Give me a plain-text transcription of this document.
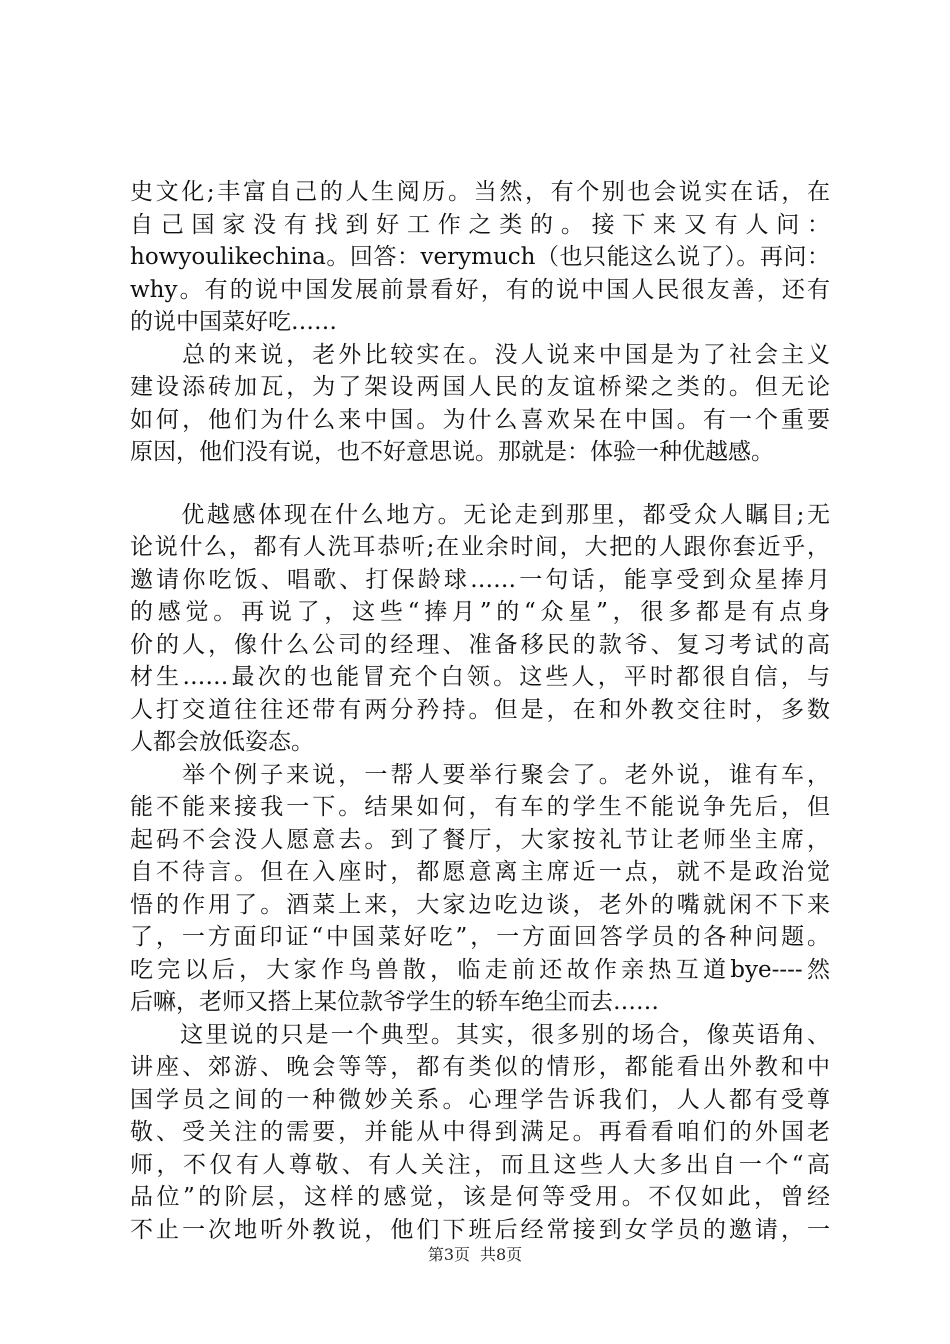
史文化;丰富自己的人生阅历。当然，有个别也会说实在话，在
自 己 国 家 没 有 找 到 好 工 作 之 类 的 。 接 下 来 又 有 人 问 ：
howyoulikechina。回答：verymuch（也只能这么说了）。再问：
why。有的说中国发展前景看好，有的说中国人民很友善，还有
的说中国菜好吃……
　　总的来说，老外比较实在。没人说来中国是为了社会主义
建设添砖加瓦，为了架设两国人民的友谊桥梁之类的。但无论
如何，他们为什么来中国。为什么喜欢呆在中国。有一个重要
原因，他们没有说，也不好意思说。那就是：体验一种优越感。
　　优越感体现在什么地方。无论走到那里，都受众人瞩目;无
论说什么，都有人洗耳恭听;在业余时间，大把的人跟你套近乎，
邀请你吃饭、唱歌、打保龄球……一句话，能享受到众星捧月
的感觉。再说了，这些“捧月”的“众星”，很多都是有点身
价的人，像什么公司的经理、准备移民的款爷、复习考试的高
材生……最次的也能冒充个白领。这些人，平时都很自信，与
人打交道往往还带有两分矜持。但是，在和外教交往时，多数
人都会放低姿态。
　　举个例子来说，一帮人要举行聚会了。老外说，谁有车，
能不能来接我一下。结果如何，有车的学生不能说争先后，但
起码不会没人愿意去。到了餐厅，大家按礼节让老师坐主席，
自不待言。但在入座时，都愿意离主席近一点，就不是政治觉
悟的作用了。酒菜上来，大家边吃边谈，老外的嘴就闲不下来
了，一方面印证“中国菜好吃”，一方面回答学员的各种问题。
吃完以后，大家作鸟兽散，临走前还故作亲热互道bye----然
后嘛，老师又搭上某位款爷学生的轿车绝尘而去……
　　这里说的只是一个典型。其实，很多别的场合，像英语角、
讲座、郊游、晚会等等，都有类似的情形，都能看出外教和中
国学员之间的一种微妙关系。心理学告诉我们，人人都有受尊
敬、受关注的需要，并能从中得到满足。再看看咱们的外国老
师，不仅有人尊敬、有人关注，而且这些人大多出自一个“高
品位”的阶层，这样的感觉，该是何等受用。不仅如此，曾经
不止一次地听外教说，他们下班后经常接到女学员的邀请，一
第3页 共8页
